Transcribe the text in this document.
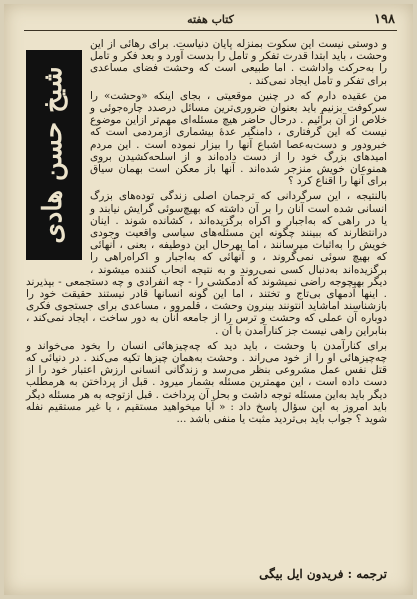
۱۹۸
کتاب هفته
شیخ حسن هادی

و دوستی نیست این سکوت بمنزله پایان دنیاست. برای رهائی از این وحشت ، باید ابتدا قدرت تفکر و تامل را بدست آورد و بعد فکر و تامل را به‌حرکت واداشت . اما طبیعی است که وحشت فضای مساعدی برای تفکر و تامل ایجاد نمی‌کند .

من عقیده دارم که در چنین موقعیتی ، بجای اینکه «وحشت» را سرکوفت بزنیم باید بعنوان ضروری‌ترین مسائل درصدد چاره‌جوئی و خلاص از آن برآئیم . درحال حاضر هیچ مسئله‌ای مهم‌تر ازاین موضوع نیست که این گرفتاری ، دامنگیر عدهٔ بیشماری ازمردمی است که خبرودور و دست‌به‌عصا اشباع آنها را بیزار نموده است . این مردم امیدهای بزرگ خود را از دست داده‌اند و از اسلحه‌کشیدن بروی همنوعان خویش منزجر شده‌اند . آنها باز معکن است بهمان سیاق برای آنها را اقناع کرد ؟

بالنتیجه ، این سرگردانی که ترجمان اصلی زندگی توده‌های بزرگ انسانی شده است آنان را بر آن داشته که بهیچ‌سوئی گرایش نیابند و یا در راهی که به‌اجبار و اکراه برگزیده‌اند ، کشانده شوند . اینان درانتظارند که ببینند چگونه این مسئله‌های سیاسی واقعیت وجودی خویش را به‌اثبات میرسانند ، اما بهرحال این دوطیفه ، بعنی ، آنهائی که بهیچ سوئی نمی‌گروند ، و آنهائی که به‌اجبار و اکراه‌راهی را برگزیده‌اند به‌دنبال کسی نمی‌روند و به نتیجه انحاب کننده میشوند ، دیگر بهیچوجه راضی نمیشوند که آدمکشی را - چه انفرادی و چه دستجمعی - بپذیرند . اینها آدمهای بی‌تاج و تختند ، اما این گونه انسانها قادر نیستند حقیقت خود را بازشناسند اماشاید انتونند بینرون وحشت ، قلمروو ، مساعدی برای جستجوی فکری دوباره آن عملی که وحشت و ترس را از جامعه آنان به دور ساخت ، ایجاد نمی‌کند ، بنابراین راهی نیست جز کنارآمدن با آن .

برای کنارآمدن با وحشت ، باید دید که چه‌چیزهائی انسان را بخود می‌خواند و چه‌چیزهائی او را از خود می‌راند . وحشت به‌همان چیزها تکیه می‌کند . در دنیائی که قتل نفس عمل مشروعی بنظر می‌رسد و زندگانی انسانی ارزش اعتبار خود را از دست داده است ، این مهمترین مسئله بشمار میرود . قبل از پرداختن به هرمطلب دیگر باید به‌این مسئله توجه داشت و بحل آن پرداخت . قبل ازتوجه به هر مسئله دیگر باید امروز به این سؤال پاسخ داد : « آیا میخواهید مستقیم ، یا غیر مستقیم نفله شوید ؟ جواب باید بی‌تردید مثبت یا منفی باشد ...

ترجمه : فریدون ایل بیگی
